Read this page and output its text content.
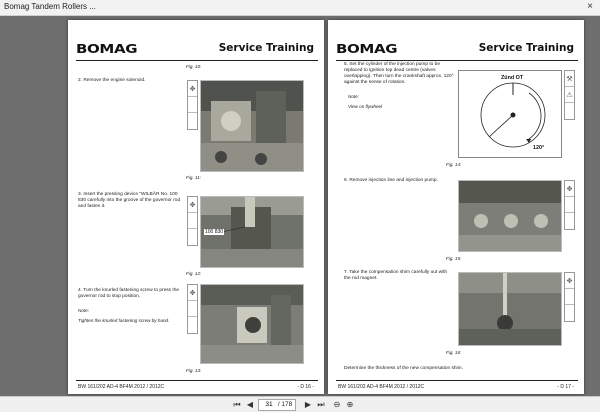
Bomag Tandem Rollers ...	×
BOMAG	Service Training
Fig. 10:
2. Remove the engine solenoid.
✥
Fig. 11:
3. Insert the pressing device "WILBÄR No. 100 830 carefully into the groove of the governor rod and fasten it.	✥
100 830
Fig. 12:
4. Turn the knurled fastening screw to press the governor rod to stop position.
Note:
Tighten the knurled fastening screw by hand.
✥
Fig. 13:
BW 161/202 AD-4 BF4M 2012 / 2012C	- D 16 -
BOMAG	Service Training
5. Set the cylinder of the injection pump to be replaced to ignition top dead centre (valves overlapping). Then turn the crankshaft approx. 120° against the sense of rotation.
Note:
View on flywheel
Zünd OT
120°
⚒
⚠
Fig. 14:
6. Remove injection line and injection pump.
✥
Fig. 15:
7. Take the compensation shim carefully out with the rod magnet.	✥
Fig. 16:
Determine the thickness of the new compensation shim.
BW 161/202 AD-4 BF4M 2012 / 2012C	- D 17 -
⏮ ◀
31	/ 178	▶ ⏭ ⊖ ⊕
